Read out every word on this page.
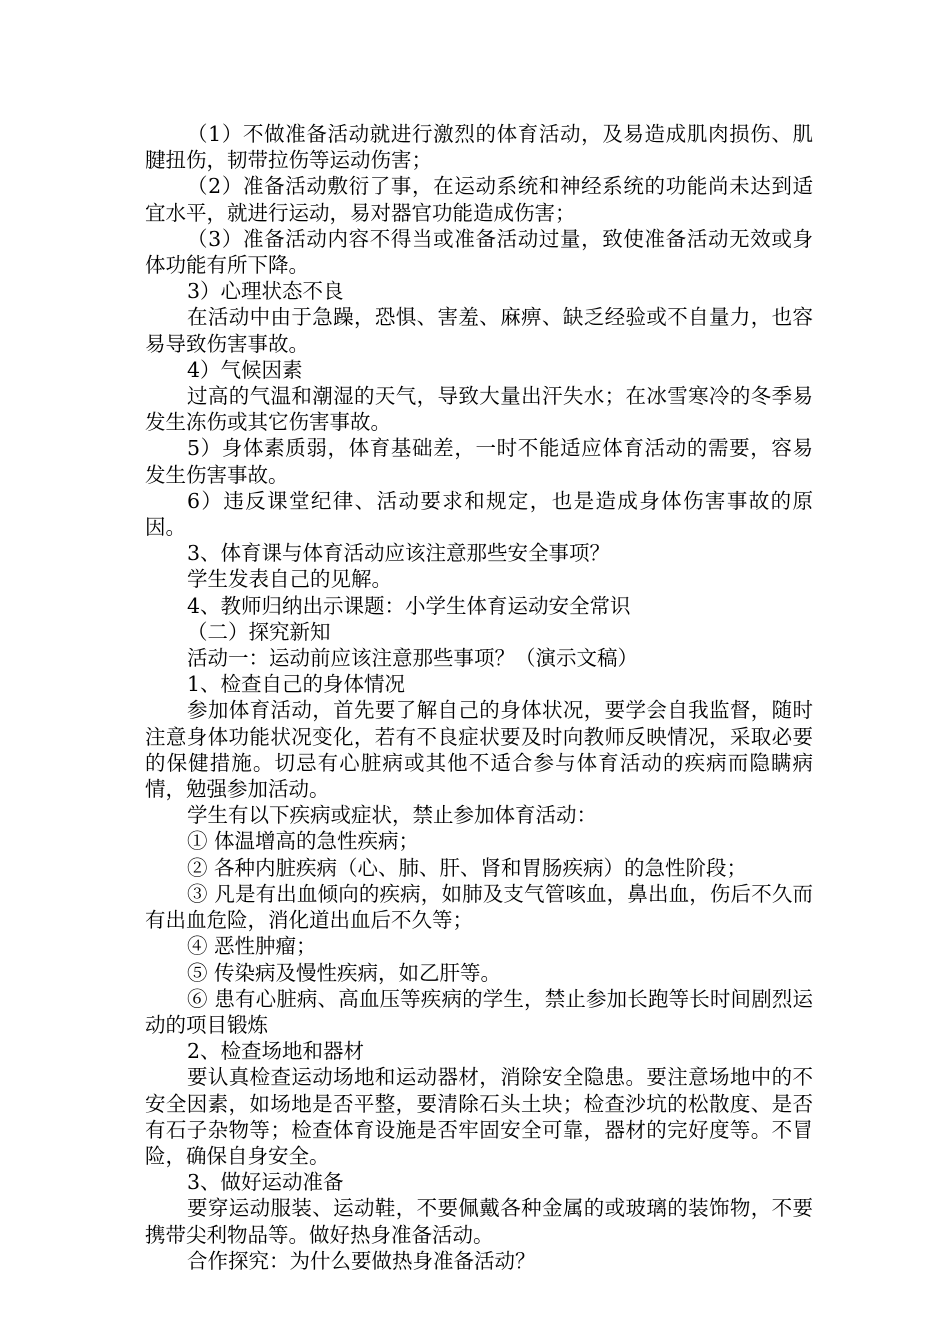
（1）不做准备活动就进行激烈的体育活动，及易造成肌肉损伤、肌腱扭伤，韧带拉伤等运动伤害；

（2）准备活动敷衍了事，在运动系统和神经系统的功能尚未达到适宜水平，就进行运动，易对器官功能造成伤害；

（3）准备活动内容不得当或准备活动过量，致使准备活动无效或身体功能有所下降。

3）心理状态不良

在活动中由于急躁，恐惧、害羞、麻痹、缺乏经验或不自量力，也容易导致伤害事故。

4）气候因素

过高的气温和潮湿的天气，导致大量出汗失水；在冰雪寒冷的冬季易发生冻伤或其它伤害事故。

5）身体素质弱，体育基础差，一时不能适应体育活动的需要，容易发生伤害事故。

6）违反课堂纪律、活动要求和规定，也是造成身体伤害事故的原因。

3、体育课与体育活动应该注意那些安全事项？

学生发表自己的见解。

4、教师归纳出示课题：小学生体育运动安全常识

（二）探究新知

活动一：运动前应该注意那些事项？（演示文稿）

1、检查自己的身体情况

参加体育活动，首先要了解自己的身体状况，要学会自我监督，随时注意身体功能状况变化，若有不良症状要及时向教师反映情况，采取必要的保健措施。切忌有心脏病或其他不适合参与体育活动的疾病而隐瞒病情，勉强参加活动。

学生有以下疾病或症状，禁止参加体育活动：

① 体温增高的急性疾病；

② 各种内脏疾病（心、肺、肝、肾和胃肠疾病）的急性阶段；

③ 凡是有出血倾向的疾病，如肺及支气管咳血，鼻出血，伤后不久而有出血危险，消化道出血后不久等；

④ 恶性肿瘤；

⑤ 传染病及慢性疾病，如乙肝等。

⑥ 患有心脏病、高血压等疾病的学生，禁止参加长跑等长时间剧烈运动的项目锻炼

2、检查场地和器材

要认真检查运动场地和运动器材，消除安全隐患。要注意场地中的不安全因素，如场地是否平整，要清除石头土块；检查沙坑的松散度、是否有石子杂物等；检查体育设施是否牢固安全可靠，器材的完好度等。不冒险，确保自身安全。

3、做好运动准备

要穿运动服装、运动鞋，不要佩戴各种金属的或玻璃的装饰物，不要携带尖利物品等。做好热身准备活动。

合作探究：为什么要做热身准备活动？
